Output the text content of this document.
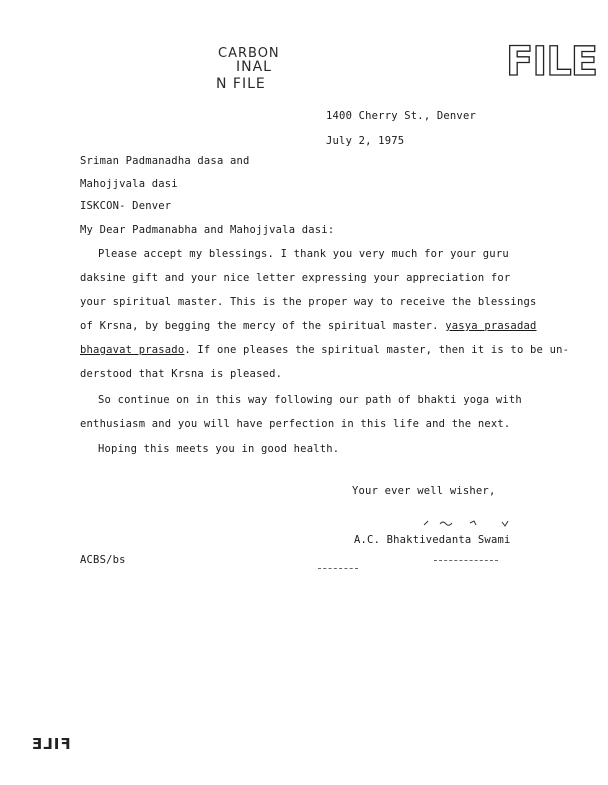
CARBON
INAL
N FILE	FILE
1400 Cherry St., Denver
July 2, 1975
Sriman Padmanadha dasa and
Mahojjvala dasi
ISKCON- Denver
My Dear Padmanabha and Mahojjvala dasi:
Please accept my blessings. I thank you very much for your guru
daksine gift and your nice letter expressing your appreciation for
your spiritual master. This is the proper way to receive the blessings
of Krsna, by begging the mercy of the spiritual master. yasya prasadad
bhagavat prasado. If one pleases the spiritual master, then it is to be un-
derstood that Krsna is pleased.
So continue on in this way following our path of bhakti yoga with
enthusiasm and you will have perfection in this life and the next.
Hoping this meets you in good health.
Your ever well wisher,
A.C. Bhaktivedanta Swami
ACBS/bs
FILE
